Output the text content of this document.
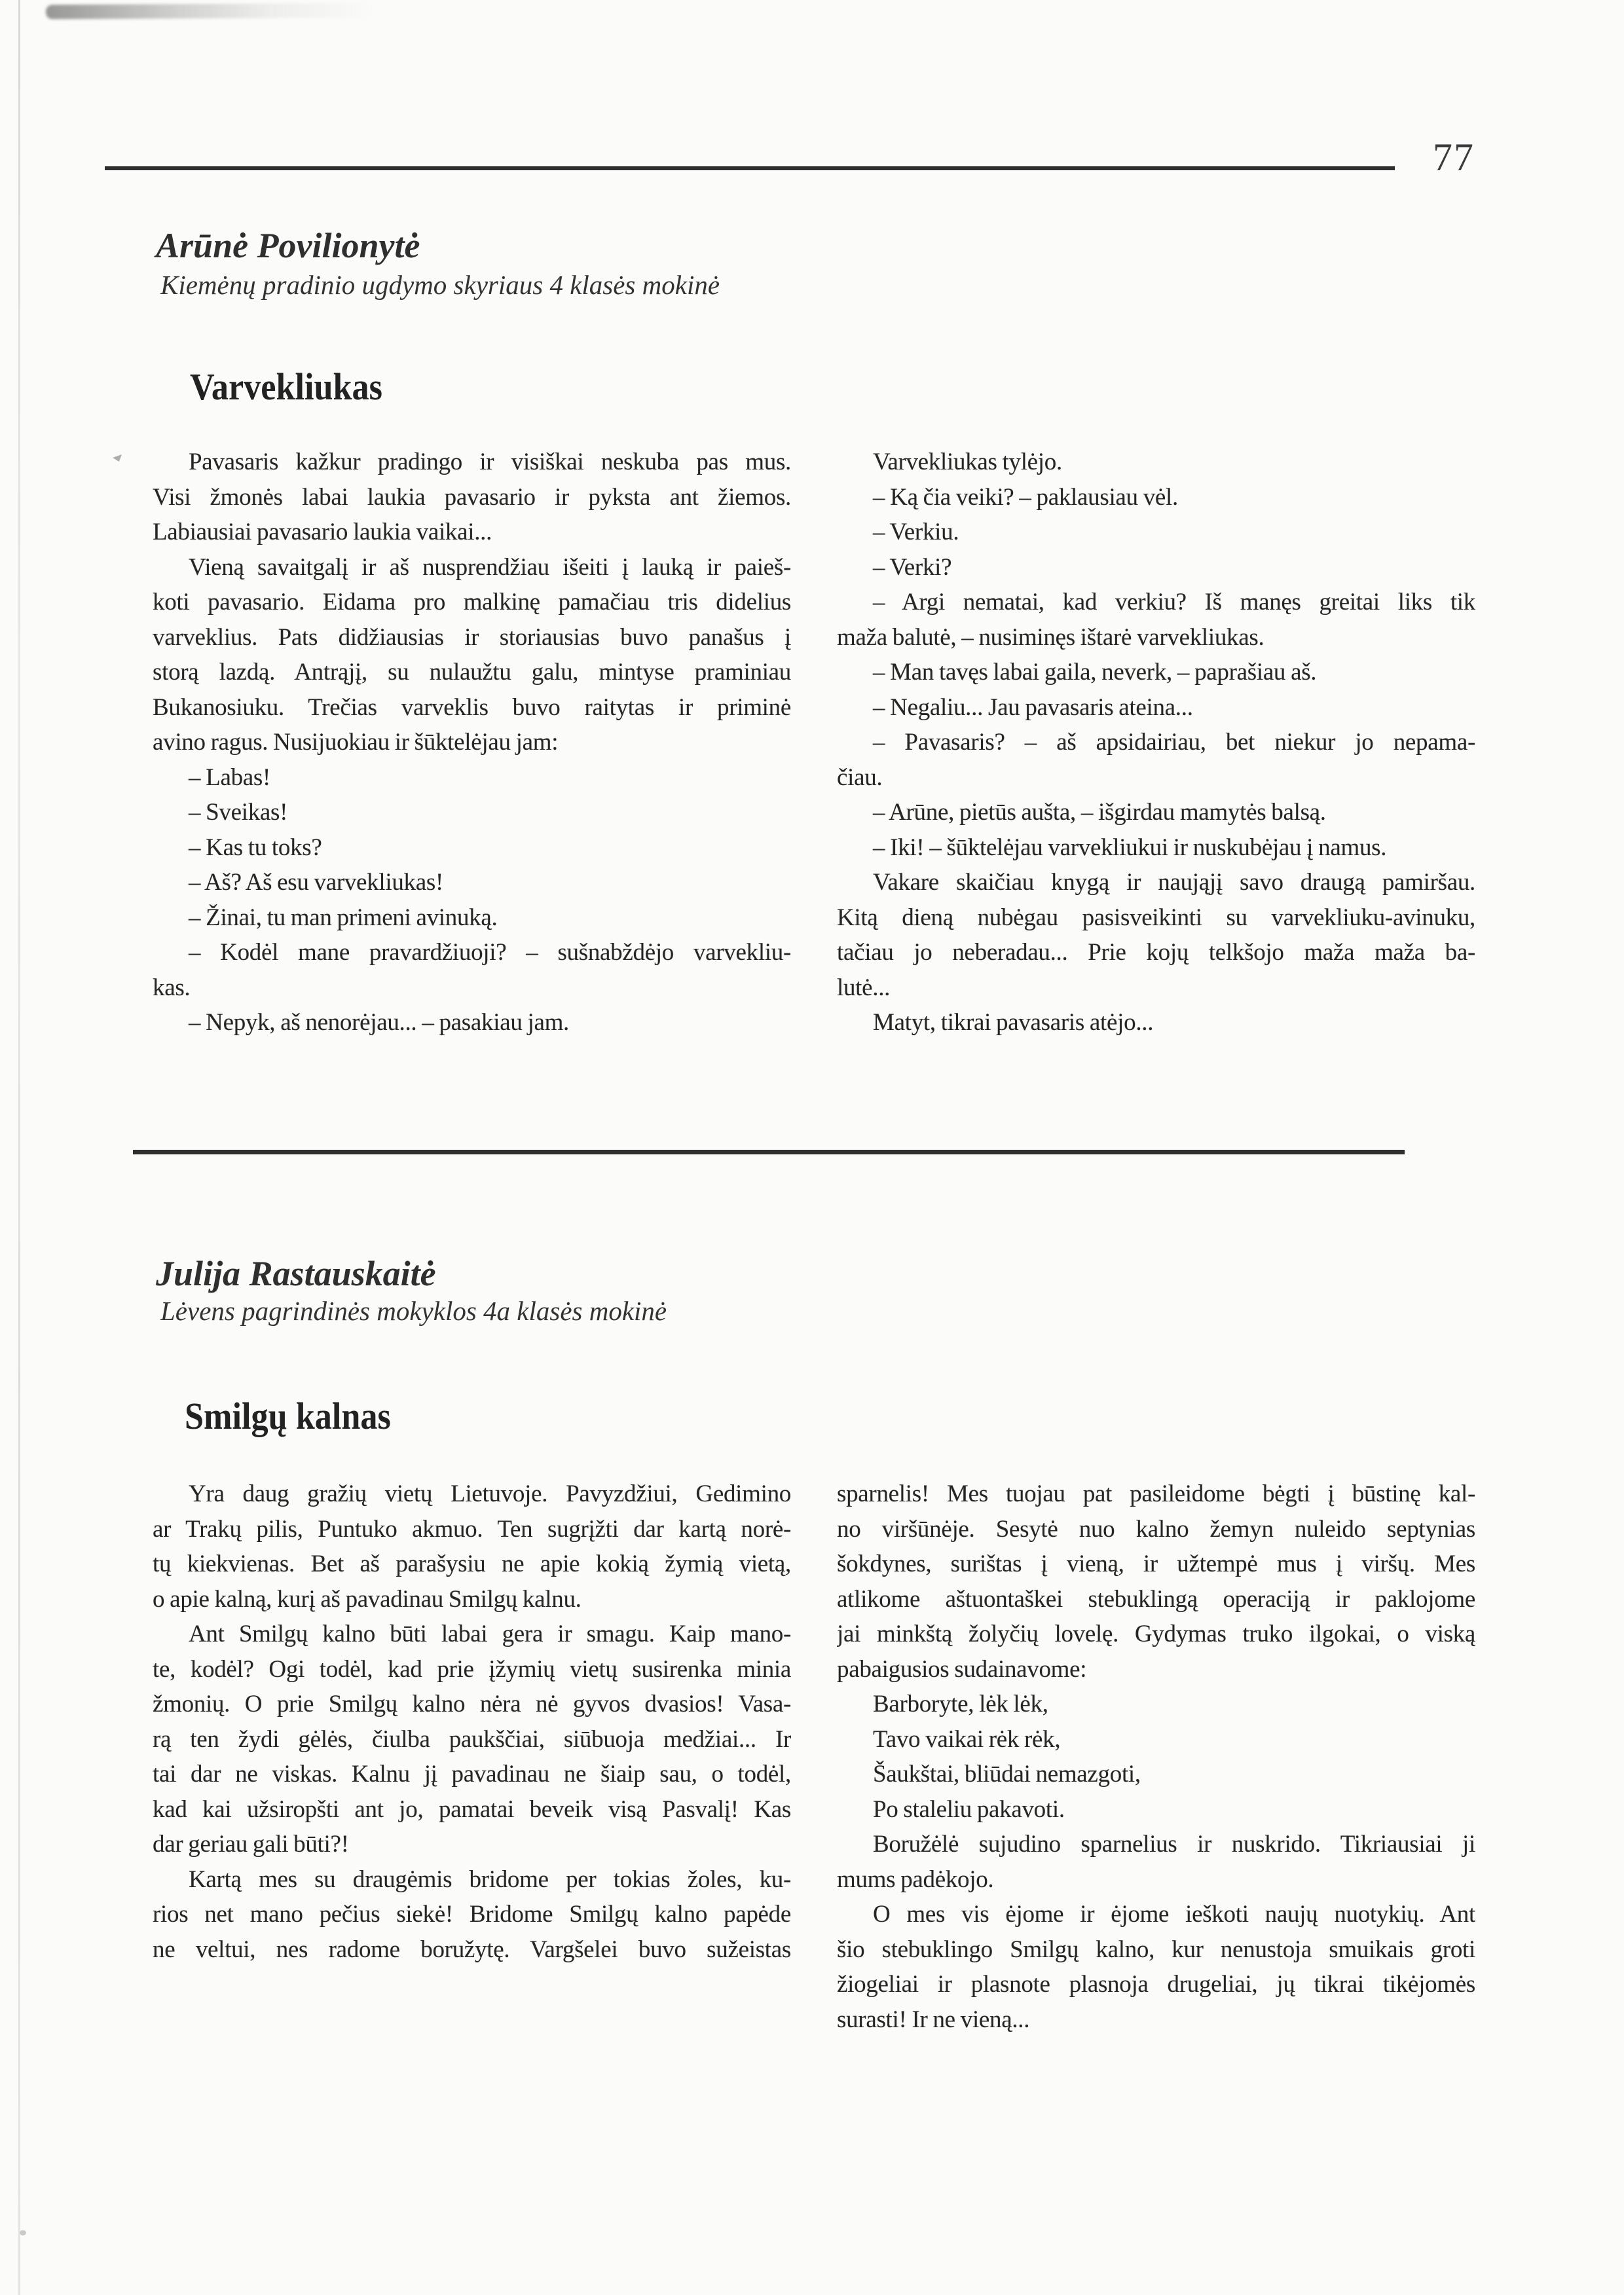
77
Arūnė Povilionytė
Kiemėnų pradinio ugdymo skyriaus 4 klasės mokinė
Varvekliukas
Pavasaris kažkur pradingo ir visiškai neskuba pas mus.
Visi žmonės labai laukia pavasario ir pyksta ant žiemos.
Labiausiai pavasario laukia vaikai...
Vieną savaitgalį ir aš nusprendžiau išeiti į lauką ir paieš-
koti pavasario. Eidama pro malkinę pamačiau tris didelius
varveklius. Pats didžiausias ir storiausias buvo panašus į
storą lazdą. Antrąjį, su nulaužtu galu, mintyse praminiau
Bukanosiuku. Trečias varveklis buvo raitytas ir priminė
avino ragus. Nusijuokiau ir šūktelėjau jam:
– Labas!
– Sveikas!
– Kas tu toks?
– Aš? Aš esu varvekliukas!
– Žinai, tu man primeni avinuką.
– Kodėl mane pravardžiuoji? – sušnabždėjo varvekliu-
kas.
– Nepyk, aš nenorėjau... – pasakiau jam.
Varvekliukas tylėjo.
– Ką čia veiki? – paklausiau vėl.
– Verkiu.
– Verki?
– Argi nematai, kad verkiu? Iš manęs greitai liks tik
maža balutė, – nusiminęs ištarė varvekliukas.
– Man tavęs labai gaila, neverk, – paprašiau aš.
– Negaliu... Jau pavasaris ateina...
– Pavasaris? – aš apsidairiau, bet niekur jo nepama-
čiau.
– Arūne, pietūs aušta, – išgirdau mamytės balsą.
– Iki! – šūktelėjau varvekliukui ir nuskubėjau į namus.
Vakare skaičiau knygą ir naująjį savo draugą pamiršau.
Kitą dieną nubėgau pasisveikinti su varvekliuku-avinuku,
tačiau jo neberadau... Prie kojų telkšojo maža maža ba-
lutė...
Matyt, tikrai pavasaris atėjo...
Julija Rastauskaitė
Lėvens pagrindinės mokyklos 4a klasės mokinė
Smilgų kalnas
Yra daug gražių vietų Lietuvoje. Pavyzdžiui, Gedimino
ar Trakų pilis, Puntuko akmuo. Ten sugrįžti dar kartą norė-
tų kiekvienas. Bet aš parašysiu ne apie kokią žymią vietą,
o apie kalną, kurį aš pavadinau Smilgų kalnu.
Ant Smilgų kalno būti labai gera ir smagu. Kaip mano-
te, kodėl? Ogi todėl, kad prie įžymių vietų susirenka minia
žmonių. O prie Smilgų kalno nėra nė gyvos dvasios! Vasa-
rą ten žydi gėlės, čiulba paukščiai, siūbuoja medžiai... Ir
tai dar ne viskas. Kalnu jį pavadinau ne šiaip sau, o todėl,
kad kai užsiropšti ant jo, pamatai beveik visą Pasvalį! Kas
dar geriau gali būti?!
Kartą mes su draugėmis bridome per tokias žoles, ku-
rios net mano pečius siekė! Bridome Smilgų kalno papėde
ne veltui, nes radome boružytę. Vargšelei buvo sužeistas
sparnelis! Mes tuojau pat pasileidome bėgti į būstinę kal-
no viršūnėje. Sesytė nuo kalno žemyn nuleido septynias
šokdynes, surištas į vieną, ir užtempė mus į viršų. Mes
atlikome aštuontaškei stebuklingą operaciją ir paklojome
jai minkštą žolyčių lovelę. Gydymas truko ilgokai, o viską
pabaigusios sudainavome:
Barboryte, lėk lėk,
Tavo vaikai rėk rėk,
Šaukštai, bliūdai nemazgoti,
Po staleliu pakavoti.
Boružėlė sujudino sparnelius ir nuskrido. Tikriausiai ji
mums padėkojo.
O mes vis ėjome ir ėjome ieškoti naujų nuotykių. Ant
šio stebuklingo Smilgų kalno, kur nenustoja smuikais groti
žiogeliai ir plasnote plasnoja drugeliai, jų tikrai tikėjomės
surasti! Ir ne vieną...
